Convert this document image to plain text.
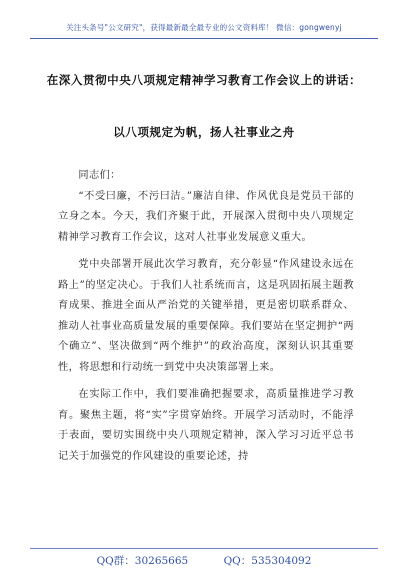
关注头条号"公文研究"，获得最新最全最专业的公文资料库！ 微信：gongwenyj
在深入贯彻中央八项规定精神学习教育工作会议上的讲话：
以八项规定为帆，扬人社事业之舟

同志们：

“不受曰廉，不污曰洁。”廉洁自律、作风优良是党员干部的立身之本。今天，我们齐聚于此，开展深入贯彻中央八项规定精神学习教育工作会议，这对人社事业发展意义重大。

党中央部署开展此次学习教育，充分彰显“作风建设永远在路上”的坚定决心。于我们人社系统而言，这是巩固拓展主题教育成果、推进全面从严治党的关键举措，更是密切联系群众、推动人社事业高质量发展的重要保障。我们要站在坚定拥护“两个确立”、坚决做到“两个维护”的政治高度，深刻认识其重要性，将思想和行动统一到党中央决策部署上来。

在实际工作中，我们要准确把握要求，高质量推进学习教育。聚焦主题，将“实”字贯穿始终。开展学习活动时，不能浮于表面，要切实围绕中央八项规定精神，深入学习习近平总书记关于加强党的作风建设的重要论述，持

QQ群：30265665	QQ：535304092
